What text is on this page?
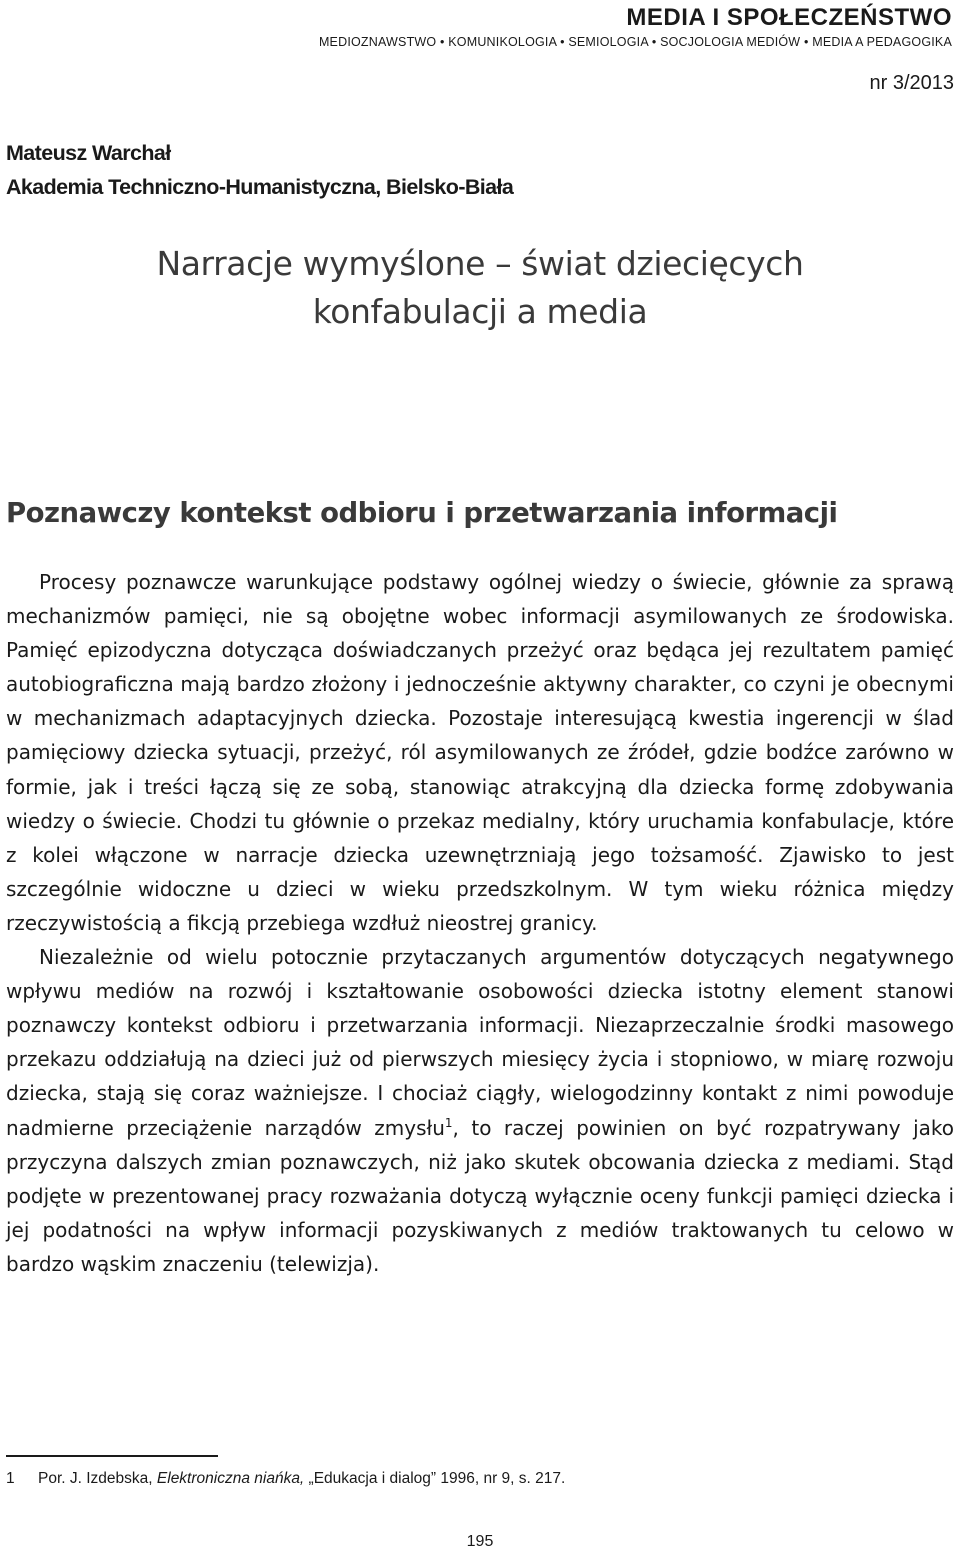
MEDIA I SPOŁECZEŃSTWO
MEDIOZNAWSTWO • KOMUNIKOLOGIA • SEMIOLOGIA • SOCJOLOGIA MEDIÓW • MEDIA A PEDAGOGIKA
nr 3/2013
Mateusz Warchał
Akademia Techniczno-Humanistyczna, Bielsko-Biała
Narracje wymyślone – świat dziecięcych
konfabulacji a media
Poznawczy kontekst odbioru i przetwarzania informacji

Procesy poznawcze warunkujące podstawy ogólnej wiedzy o świecie, głównie za sprawą mechanizmów pamięci, nie są obojętne wobec informacji asymilowanych ze środowiska. Pamięć epizodyczna dotycząca doświadczanych przeżyć oraz będąca jej rezultatem pamięć autobiograficzna mają bardzo złożony i jednocześnie aktywny charakter, co czyni je obecnymi w mechanizmach adaptacyjnych dziecka. Pozostaje interesującą kwestia ingerencji w ślad pamięciowy dziecka sytuacji, przeżyć, ról asymilowanych ze źródeł, gdzie bodźce zarówno w formie, jak i treści łączą się ze sobą, stanowiąc atrakcyjną dla dziecka formę zdobywania wiedzy o świecie. Chodzi tu głównie o przekaz medialny, który uruchamia konfabulacje, które z kolei włączone w narracje dziecka uzewnętrzniają jego tożsamość. Zjawisko to jest szczególnie widoczne u dzieci w wieku przedszkolnym. W tym wieku różnica między rzeczywistością a fikcją przebiega wzdłuż nieostrej granicy.

Niezależnie od wielu potocznie przytaczanych argumentów dotyczących negatywnego wpływu mediów na rozwój i kształtowanie osobowości dziecka istotny element stanowi poznawczy kontekst odbioru i przetwarzania informacji. Niezaprzeczalnie środki masowego przekazu oddziałują na dzieci już od pierwszych miesięcy życia i stopniowo, w miarę rozwoju dziecka, stają się coraz ważniejsze. I chociaż ciągły, wielogodzinny kontakt z nimi powoduje nadmierne przeciążenie narządów zmysłu$^1$, to raczej powinien on być rozpatrywany jako przyczyna dalszych zmian poznawczych, niż jako skutek obcowania dziecka z mediami. Stąd podjęte w prezentowanej pracy rozważania dotyczą wyłącznie oceny funkcji pamięci dziecka i jej podatności na wpływ informacji pozyskiwanych z mediów traktowanych tu celowo w bardzo wąskim znaczeniu (telewizja).

1 Por. J. Izdebska, Elektroniczna niańka, „Edukacja i dialog” 1996, nr 9, s. 217.
195
